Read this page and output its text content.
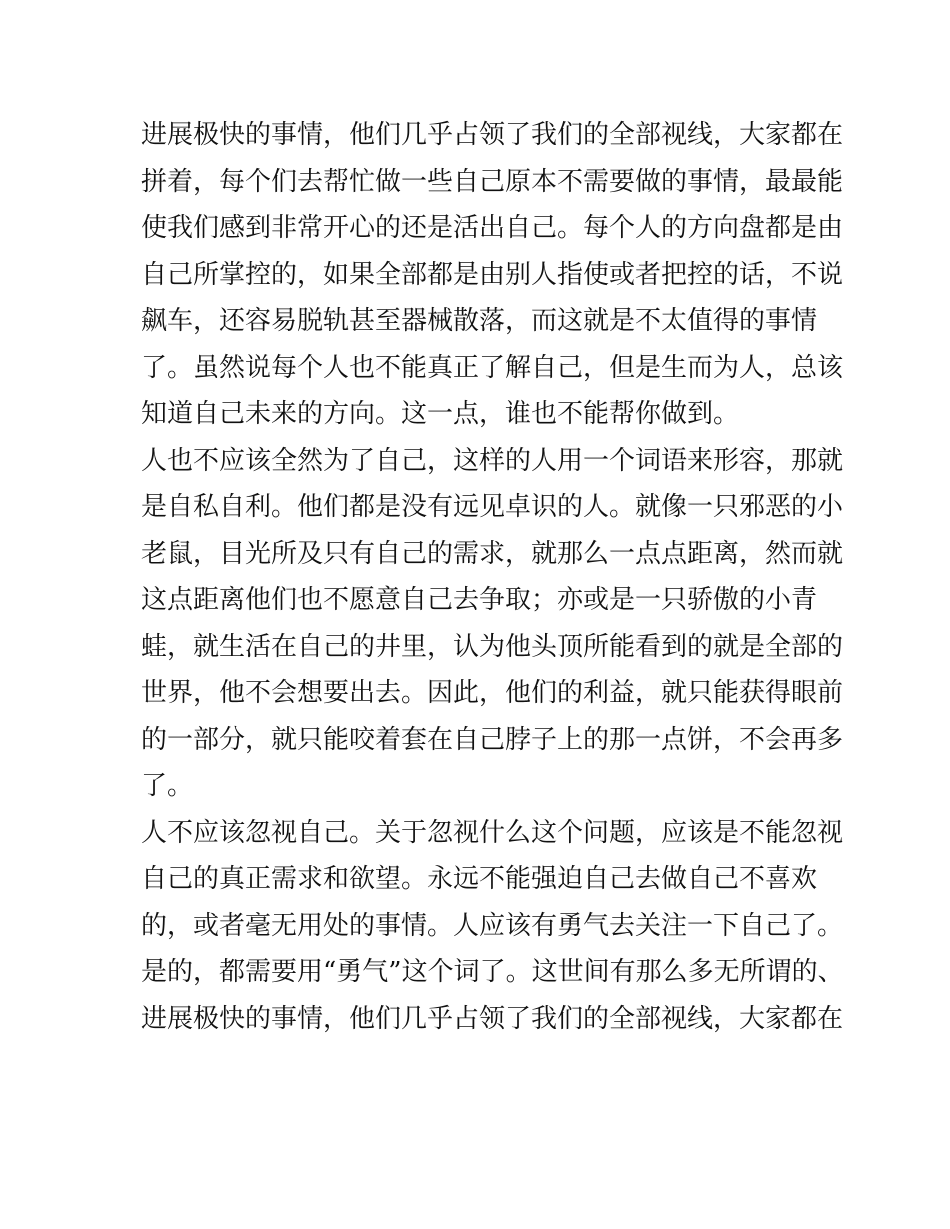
进展极快的事情，他们几乎占领了我们的全部视线，大家都在
拼着，每个们去帮忙做一些自己原本不需要做的事情，最最能
使我们感到非常开心的还是活出自己。每个人的方向盘都是由
自己所掌控的，如果全部都是由别人指使或者把控的话，不说
飙车，还容易脱轨甚至器械散落，而这就是不太值得的事情
了。虽然说每个人也不能真正了解自己，但是生而为人，总该
知道自己未来的方向。这一点，谁也不能帮你做到。
人也不应该全然为了自己，这样的人用一个词语来形容，那就
是自私自利。他们都是没有远见卓识的人。就像一只邪恶的小
老鼠，目光所及只有自己的需求，就那么一点点距离，然而就
这点距离他们也不愿意自己去争取；亦或是一只骄傲的小青
蛙，就生活在自己的井里，认为他头顶所能看到的就是全部的
世界，他不会想要出去。因此，他们的利益，就只能获得眼前
的一部分，就只能咬着套在自己脖子上的那一点饼，不会再多
了。
人不应该忽视自己。关于忽视什么这个问题，应该是不能忽视
自己的真正需求和欲望。永远不能强迫自己去做自己不喜欢
的，或者毫无用处的事情。人应该有勇气去关注一下自己了。
是的，都需要用“勇气”这个词了。这世间有那么多无所谓的、
进展极快的事情，他们几乎占领了我们的全部视线，大家都在
